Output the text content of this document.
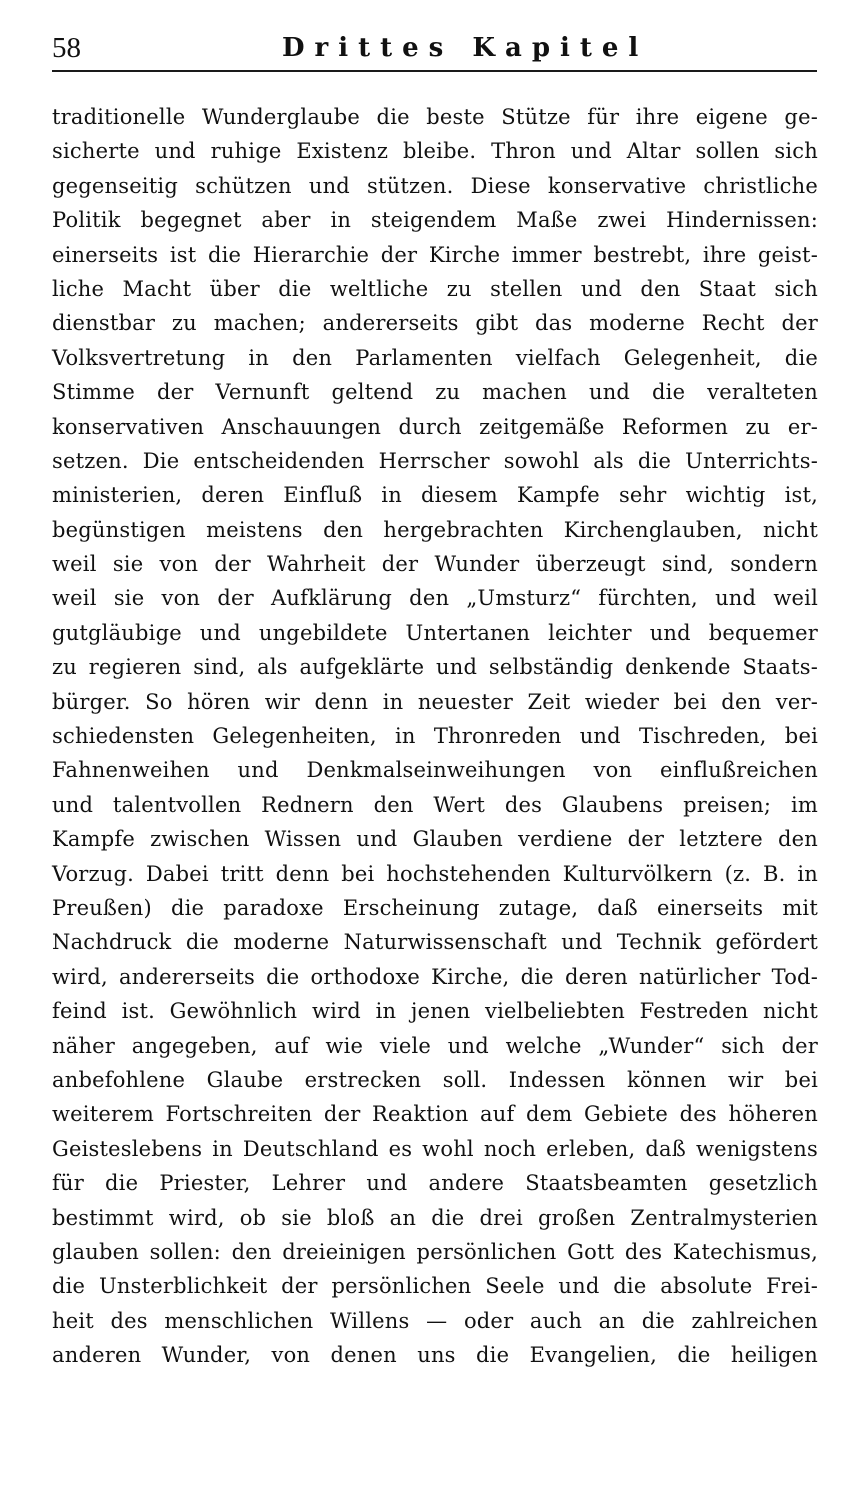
58	Drittes Kapitel
traditionelle Wunderglaube die beste Stütze für ihre eigene ge-
sicherte und ruhige Existenz bleibe. Thron und Altar sollen sich
gegenseitig schützen und stützen. Diese konservative christliche
Politik begegnet aber in steigendem Maße zwei Hindernissen:
einerseits ist die Hierarchie der Kirche immer bestrebt, ihre geist-
liche Macht über die weltliche zu stellen und den Staat sich
dienstbar zu machen; andererseits gibt das moderne Recht der
Volksvertretung in den Parlamenten vielfach Gelegenheit, die
Stimme der Vernunft geltend zu machen und die veralteten
konservativen Anschauungen durch zeitgemäße Reformen zu er-
setzen. Die entscheidenden Herrscher sowohl als die Unterrichts-
ministerien, deren Einfluß in diesem Kampfe sehr wichtig ist,
begünstigen meistens den hergebrachten Kirchenglauben, nicht
weil sie von der Wahrheit der Wunder überzeugt sind, sondern
weil sie von der Aufklärung den „Umsturz“ fürchten, und weil
gutgläubige und ungebildete Untertanen leichter und bequemer
zu regieren sind, als aufgeklärte und selbständig denkende Staats-
bürger. So hören wir denn in neuester Zeit wieder bei den ver-
schiedensten Gelegenheiten, in Thronreden und Tischreden, bei
Fahnenweihen und Denkmalseinweihungen von einflußreichen
und talentvollen Rednern den Wert des Glaubens preisen; im
Kampfe zwischen Wissen und Glauben verdiene der letztere den
Vorzug. Dabei tritt denn bei hochstehenden Kulturvölkern (z. B. in
Preußen) die paradoxe Erscheinung zutage, daß einerseits mit
Nachdruck die moderne Naturwissenschaft und Technik gefördert
wird, andererseits die orthodoxe Kirche, die deren natürlicher Tod-
feind ist. Gewöhnlich wird in jenen vielbeliebten Festreden nicht
näher angegeben, auf wie viele und welche „Wunder“ sich der
anbefohlene Glaube erstrecken soll. Indessen können wir bei
weiterem Fortschreiten der Reaktion auf dem Gebiete des höheren
Geisteslebens in Deutschland es wohl noch erleben, daß wenigstens
für die Priester, Lehrer und andere Staatsbeamten gesetzlich
bestimmt wird, ob sie bloß an die drei großen Zentralmysterien
glauben sollen: den dreieinigen persönlichen Gott des Katechismus,
die Unsterblichkeit der persönlichen Seele und die absolute Frei-
heit des menschlichen Willens — oder auch an die zahlreichen
anderen Wunder, von denen uns die Evangelien, die heiligen
